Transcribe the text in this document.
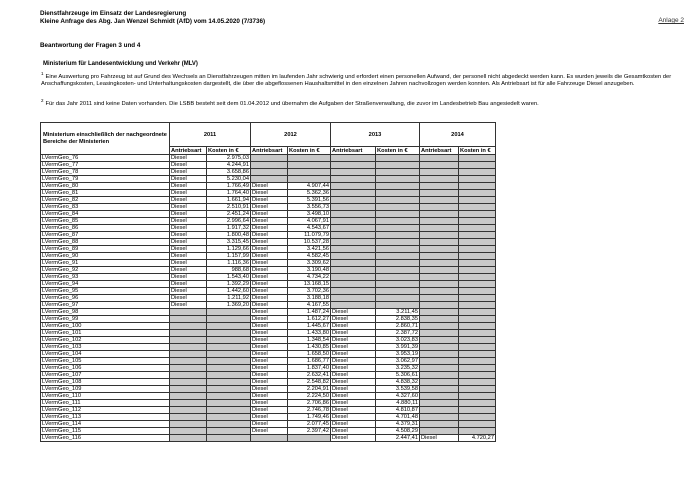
Dienstfahrzeuge im Einsatz der Landesregierung
Kleine Anfrage des Abg. Jan Wenzel Schmidt (AfD) vom 14.05.2020 (7/3736)	Anlage 2
Beantwortung der Fragen 3 und 4
Ministerium für Landesentwicklung und Verkehr (MLV)
$^1$Eine Auswertung pro Fahrzeug ist auf Grund des Wechsels an Dienstfahrzeugen mitten im laufenden Jahr schwierig und erfordert einen personellen Aufwand, der personell nicht abgedeckt werden kann. Es wurden jeweils die Gesamtkosten der Anschaffungskosten, Leasingkosten- und Unterhaltungskosten dargestellt, die über die abgeflossenen Haushaltsmittel in den einzelnen Jahren nachvollzogen werden konnten. Als Antriebsart ist für alle Fahrzeuge Diesel anzugeben.
$^2$Für das Jahr 2011 sind keine Daten vorhanden. Die LSBB besteht seit dem 01.04.2012 und übernahm die Aufgaben der Straßenverwaltung, die zuvor im Landesbetrieb Bau angesiedelt waren.
Ministerium einschließlich der nachgeordnete Bereiche der Ministerien	2011		2012		2013		2014	
	Antriebsart	Kosten in €	Antriebsart	Kosten in €	Antriebsart	Kosten in €	Antriebsart	Kosten in €
LVermGeo_76	Diesel	2.975,03						
LVermGeo_77	Diesel	4.244,91						
LVermGeo_78	Diesel	3.658,86						
LVermGeo_79	Diesel	5.230,04						
LVermGeo_80	Diesel	1.766,49	Diesel	4.907,44				
LVermGeo_81	Diesel	1.764,40	Diesel	5.362,36				
LVermGeo_82	Diesel	1.661,94	Diesel	5.391,56				
LVermGeo_83	Diesel	2.510,91	Diesel	3.556,73				
LVermGeo_84	Diesel	2.451,24	Diesel	3.498,10				
LVermGeo_85	Diesel	2.996,64	Diesel	4.067,91				
LVermGeo_86	Diesel	1.917,32	Diesel	4.543,67				
LVermGeo_87	Diesel	1.800,48	Diesel	11.079,79				
LVermGeo_88	Diesel	3.315,45	Diesel	10.537,28				
LVermGeo_89	Diesel	1.129,66	Diesel	3.421,56				
LVermGeo_90	Diesel	1.157,99	Diesel	4.582,45				
LVermGeo_91	Diesel	1.116,36	Diesel	3.309,62				
LVermGeo_92	Diesel	988,68	Diesel	3.190,48				
LVermGeo_93	Diesel	1.543,40	Diesel	4.734,22				
LVermGeo_94	Diesel	1.392,29	Diesel	13.168,15				
LVermGeo_95	Diesel	1.442,60	Diesel	3.702,36				
LVermGeo_96	Diesel	1.211,92	Diesel	3.188,18				
LVermGeo_97	Diesel	1.369,20	Diesel	4.167,55				
LVermGeo_98			Diesel	1.487,24	Diesel	3.211,45		
LVermGeo_99			Diesel	1.612,27	Diesel	2.838,35		
LVermGeo_100			Diesel	1.445,67	Diesel	2.860,71		
LVermGeo_101			Diesel	1.433,80	Diesel	2.387,72		
LVermGeo_102			Diesel	1.348,54	Diesel	3.023,83		
LVermGeo_103			Diesel	1.430,85	Diesel	3.991,39		
LVermGeo_104			Diesel	1.658,50	Diesel	3.953,19		
LVermGeo_105			Diesel	1.686,77	Diesel	3.062,97		
LVermGeo_106			Diesel	1.837,40	Diesel	3.235,32		
LVermGeo_107			Diesel	2.632,41	Diesel	5.306,61		
LVermGeo_108			Diesel	2.548,82	Diesel	4.838,32		
LVermGeo_109			Diesel	2.204,91	Diesel	3.539,58		
LVermGeo_110			Diesel	2.224,50	Diesel	4.327,60		
LVermGeo_111			Diesel	2.706,86	Diesel	4.880,11		
LVermGeo_112			Diesel	2.746,78	Diesel	4.810,87		
LVermGeo_113			Diesel	1.749,46	Diesel	4.701,48		
LVermGeo_114			Diesel	2.077,45	Diesel	4.379,31		
LVermGeo_115			Diesel	2.397,42	Diesel	4.508,29		
LVermGeo_116					Diesel	2.447,41	Diesel	4.720,27
